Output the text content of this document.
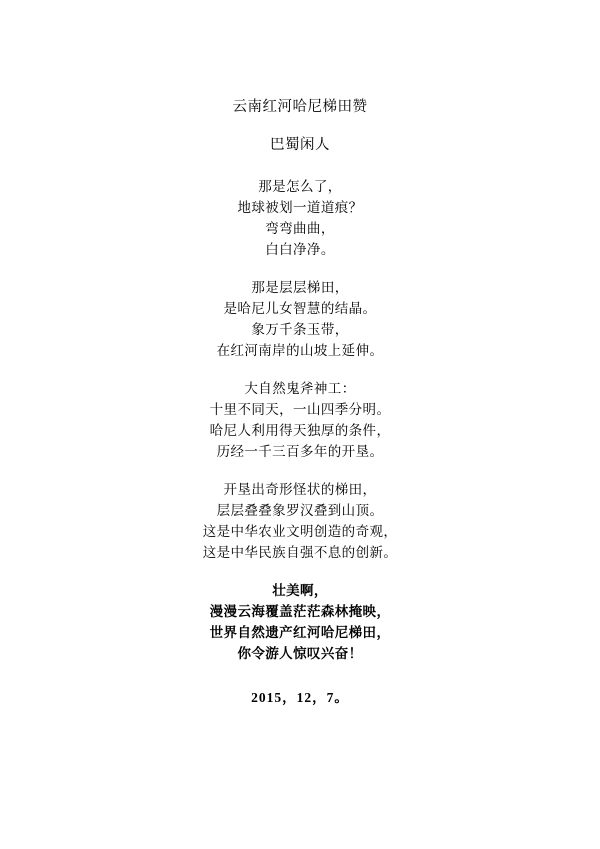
云南红河哈尼梯田赞
巴蜀闲人
那是怎么了，
地球被划一道道痕？
弯弯曲曲，
白白净净。
那是层层梯田，
是哈尼儿女智慧的结晶。
象万千条玉带，
在红河南岸的山坡上延伸。
大自然鬼斧神工：
十里不同天，一山四季分明。
哈尼人利用得天独厚的条件，
历经一千三百多年的开垦。
开垦出奇形怪状的梯田，
层层叠叠象罗汉叠到山顶。
这是中华农业文明创造的奇观，
这是中华民族自强不息的创新。
壮美啊，
漫漫云海覆盖茫茫森林掩映，
世界自然遗产红河哈尼梯田，
你令游人惊叹兴奋！
2015，12，7。
